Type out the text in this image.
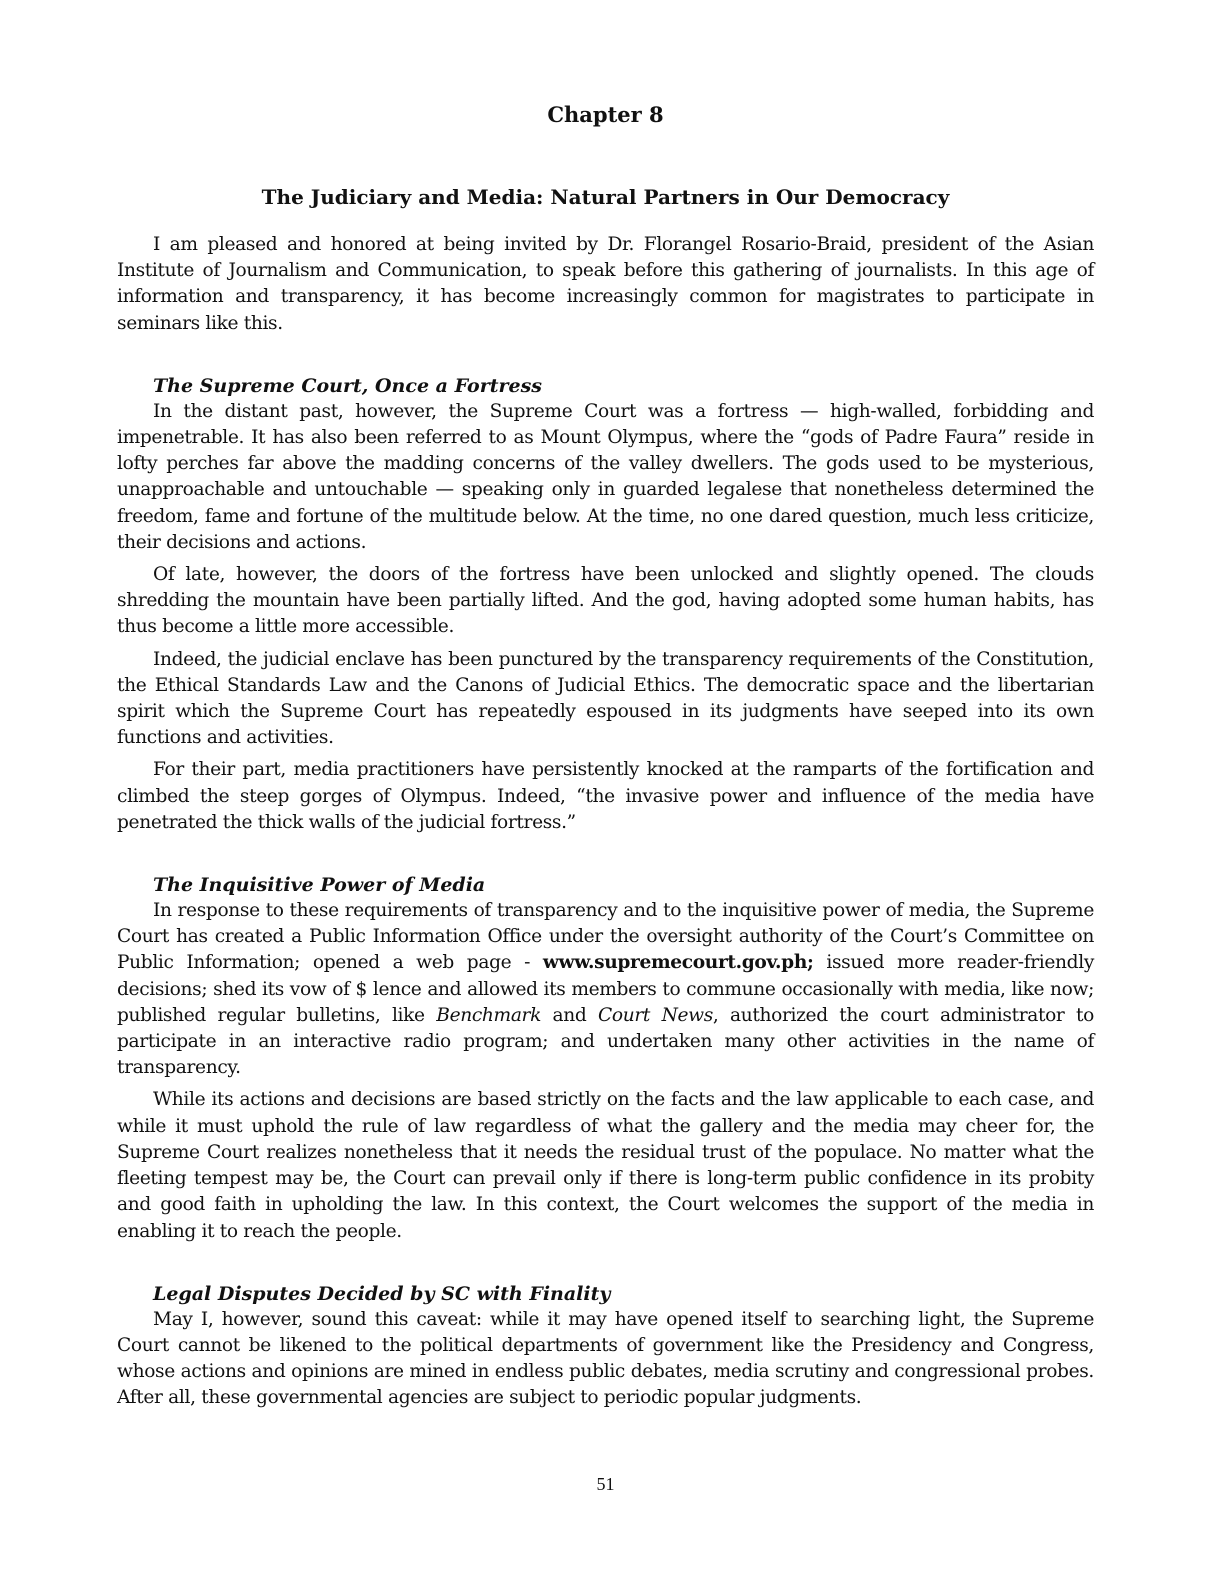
Chapter 8
The Judiciary and Media: Natural Partners in Our Democracy

I am pleased and honored at being invited by Dr. Florangel Rosario-Braid, president of the Asian Institute of Journalism and Communication, to speak before this gathering of journalists. In this age of information and transparency, it has become increasingly common for magistrates to participate in seminars like this.

The Supreme Court, Once a Fortress

In the distant past, however, the Supreme Court was a fortress — high-walled, forbidding and impenetrable. It has also been referred to as Mount Olympus, where the “gods of Padre Faura” reside in lofty perches far above the madding concerns of the valley dwellers. The gods used to be mysterious, unapproachable and untouchable — speaking only in guarded legalese that nonetheless determined the freedom, fame and fortune of the multitude below. At the time, no one dared question, much less criticize, their decisions and actions.

Of late, however, the doors of the fortress have been unlocked and slightly opened. The clouds shredding the mountain have been partially lifted. And the god, having adopted some human habits, has thus become a little more accessible.

Indeed, the judicial enclave has been punctured by the transparency requirements of the Constitution, the Ethical Standards Law and the Canons of Judicial Ethics. The democratic space and the libertarian spirit which the Supreme Court has repeatedly espoused in its judgments have seeped into its own functions and activities.

For their part, media practitioners have persistently knocked at the ramparts of the fortification and climbed the steep gorges of Olympus. Indeed, “the invasive power and influence of the media have penetrated the thick walls of the judicial fortress.”

The Inquisitive Power of Media

In response to these requirements of transparency and to the inquisitive power of media, the Supreme Court has created a Public Information Office under the oversight authority of the Court’s Committee on Public Information; opened a web page - www.supremecourt.gov.ph; issued more reader-friendly decisions; shed its vow of $ lence and allowed its members to commune occasionally with media, like now; published regular bulletins, like Benchmark and Court News, authorized the court administrator to participate in an interactive radio program; and undertaken many other activities in the name of transparency.

While its actions and decisions are based strictly on the facts and the law applicable to each case, and while it must uphold the rule of law regardless of what the gallery and the media may cheer for, the Supreme Court realizes nonetheless that it needs the residual trust of the populace. No matter what the fleeting tempest may be, the Court can prevail only if there is long-term public confidence in its probity and good faith in upholding the law. In this context, the Court welcomes the support of the media in enabling it to reach the people.

Legal Disputes Decided by SC with Finality

May I, however, sound this caveat: while it may have opened itself to searching light, the Supreme Court cannot be likened to the political departments of government like the Presidency and Congress, whose actions and opinions are mined in endless public debates, media scrutiny and congressional probes. After all, these governmental agencies are subject to periodic popular judgments.

51
